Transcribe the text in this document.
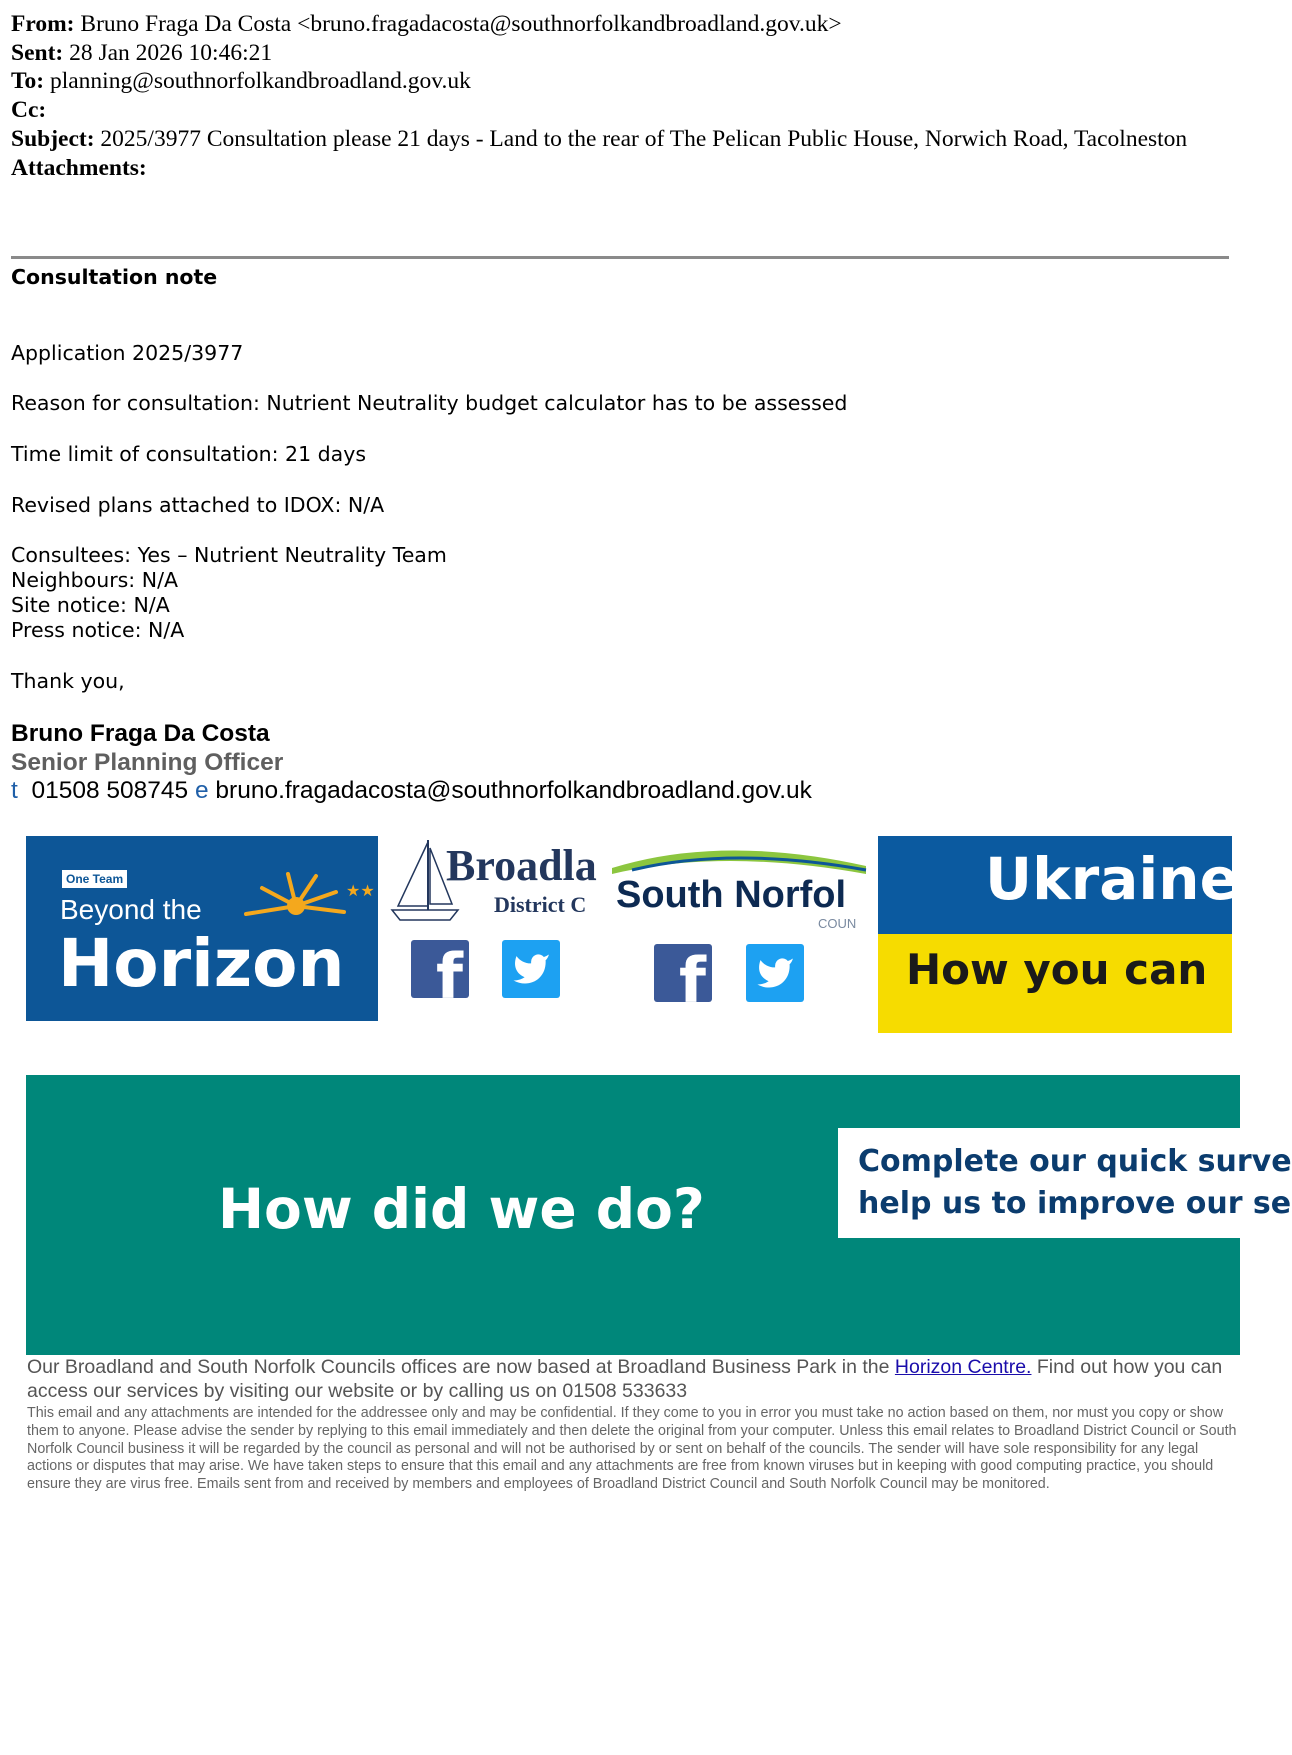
From: Bruno Fraga Da Costa <bruno.fragadacosta@southnorfolkandbroadland.gov.uk>
Sent: 28 Jan 2026 10:46:21
To: planning@southnorfolkandbroadland.gov.uk
Cc:
Subject: 2025/3977 Consultation please 21 days - Land to the rear of The Pelican Public House, Norwich Road, Tacolneston
Attachments:
Consultation note
Application 2025/3977
Reason for consultation: Nutrient Neutrality budget calculator has to be assessed
Time limit of consultation: 21 days
Revised plans attached to IDOX: N/A
Consultees: Yes – Nutrient Neutrality Team
Neighbours: N/A
Site notice: N/A
Press notice: N/A
Thank you,
Bruno Fraga Da Costa
Senior Planning Officer
t 01508 508745 e bruno.fragadacosta@southnorfolkandbroadland.gov.uk
One Team
Beyond the
Horizon
★★
Broadla
District C
f
South Norfol
COUN
f
Ukraine
How you can
How did we do?
Complete our quick surve
help us to improve our se
Our Broadland and South Norfolk Councils offices are now based at Broadland Business Park in the Horizon Centre. Find out how you can access our services by visiting our website or by calling us on 01508 533633
This email and any attachments are intended for the addressee only and may be confidential. If they come to you in error you must take no action based on them, nor must you copy or show them to anyone. Please advise the sender by replying to this email immediately and then delete the original from your computer. Unless this email relates to Broadland District Council or South Norfolk Council business it will be regarded by the council as personal and will not be authorised by or sent on behalf of the councils. The sender will have sole responsibility for any legal actions or disputes that may arise. We have taken steps to ensure that this email and any attachments are free from known viruses but in keeping with good computing practice, you should ensure they are virus free. Emails sent from and received by members and employees of Broadland District Council and South Norfolk Council may be monitored.
